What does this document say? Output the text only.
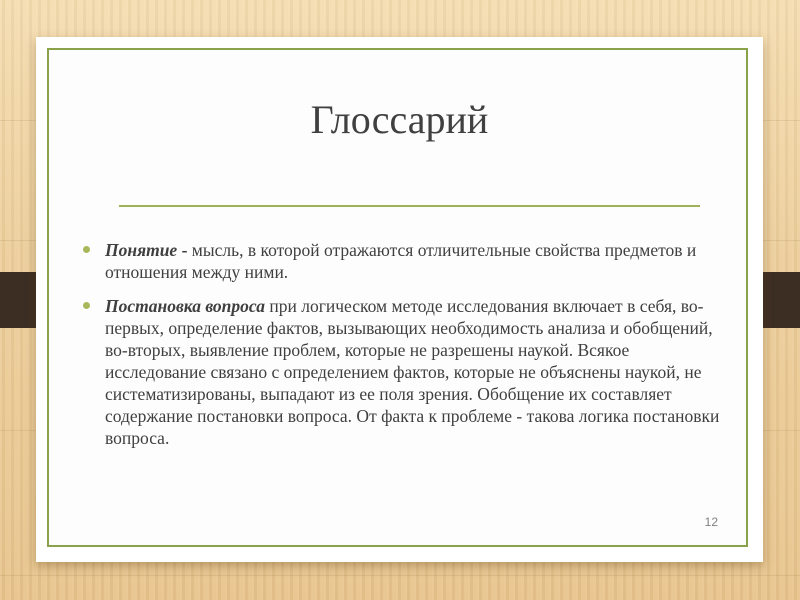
Глоссарий
Понятие - мысль, в которой отражаются отличительные свойства предметов и отношения между ними.
Постановка вопроса при логическом методе исследования включает в себя, во-первых, определение фактов, вызывающих необходимость анализа и обобщений, во-вторых, выявление проблем, которые не разрешены наукой. Всякое исследование связано с определением фактов, которые не объяснены наукой, не систематизированы, выпадают из ее поля зрения. Обобщение их составляет содержание постановки вопроса. От факта к проблеме - такова логика постановки вопроса.
12
